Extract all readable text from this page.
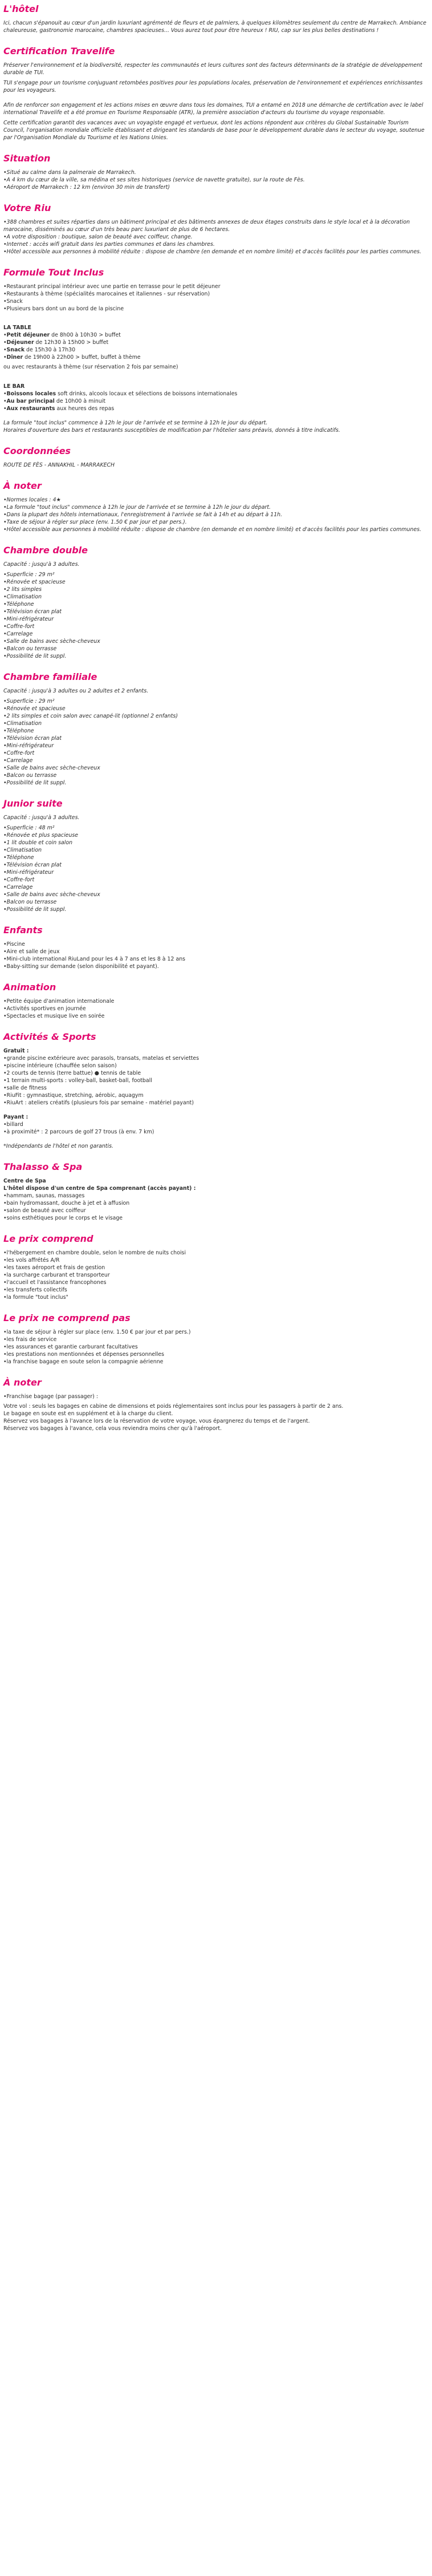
L'hôtel

Ici, chacun s'épanouit au cœur d'un jardin luxuriant agrémenté de fleurs et de palmiers, à quelques kilomètres seulement du centre de Marrakech. Ambiance chaleureuse, gastronomie marocaine, chambres spacieuses... Vous aurez tout pour être heureux ! RIU, cap sur les plus belles destinations !

Certification Travelife

Préserver l'environnement et la biodiversité, respecter les communautés et leurs cultures sont des facteurs déterminants de la stratégie de développement durable de TUI.

TUI s'engage pour un tourisme conjuguant retombées positives pour les populations locales, préservation de l'environnement et expériences enrichissantes pour les voyageurs.

Afin de renforcer son engagement et les actions mises en œuvre dans tous les domaines, TUI a entamé en 2018 une démarche de certification avec le label international Travelife et a été promue en Tourisme Responsable (ATR), la première association d'acteurs du tourisme du voyage responsable.

Cette certification garantit des vacances avec un voyagiste engagé et vertueux, dont les actions répondent aux critères du Global Sustainable Tourism Council, l'organisation mondiale officielle établissant et dirigeant les standards de base pour le développement durable dans le secteur du voyage, soutenue par l'Organisation Mondiale du Tourisme et les Nations Unies.

Situation
• Situé au calme dans la palmeraie de Marrakech.
• A 4 km du cœur de la ville, sa médina et ses sites historiques (service de navette gratuite), sur la route de Fès.
• Aéroport de Marrakech : 12 km (environ 30 min de transfert)
Votre Riu
• 388 chambres et suites réparties dans un bâtiment principal et des bâtiments annexes de deux étages construits dans le style local et à la décoration marocaine, disséminés au cœur d'un très beau parc luxuriant de plus de 6 hectares.
• A votre disposition : boutique, salon de beauté avec coiffeur, change.
• Internet : accès wifi gratuit dans les parties communes et dans les chambres.
• Hôtel accessible aux personnes à mobilité réduite : dispose de chambre (en demande et en nombre limité) et d'accès facilités pour les parties communes.
Formule Tout Inclus
• Restaurant principal intérieur avec une partie en terrasse pour le petit déjeuner
• Restaurants à thème (spécialités marocaines et italiennes - sur réservation)
• Snack
• Plusieurs bars dont un au bord de la piscine

LA TABLE

• Petit déjeuner de 8h00 à 10h30 > buffet
• Déjeuner de 12h30 à 15h00 > buffet
• Snack de 15h30 à 17h30
• Dîner de 19h00 à 22h00 > buffet, buffet à thème

ou avec restaurants à thème (sur réservation 2 fois par semaine)

LE BAR

• Boissons locales soft drinks, alcools locaux et sélections de boissons internationales
• Au bar principal de 10h00 à minuit
• Aux restaurants aux heures des repas

La formule "tout inclus" commence à 12h le jour de l'arrivée et se termine à 12h le jour du départ.

Horaires d'ouverture des bars et restaurants susceptibles de modification par l'hôtelier sans préavis, donnés à titre indicatifs.

Coordonnées

ROUTE DE FÈS - ANNAKHIL - MARRAKECH

À noter
• Normes locales : 4★
• La formule "tout inclus" commence à 12h le jour de l'arrivée et se termine à 12h le jour du départ.
• Dans la plupart des hôtels internationaux, l'enregistrement à l'arrivée se fait à 14h et au départ à 11h.
• Taxe de séjour à régler sur place (env. 1.50 € par jour et par pers.).
• Hôtel accessible aux personnes à mobilité réduite : dispose de chambre (en demande et en nombre limité) et d'accès facilités pour les parties communes.
Chambre double

Capacité : jusqu'à 3 adultes.

• Superficie : 29 m²
• Rénovée et spacieuse
• 2 lits simples
• Climatisation
• Téléphone
• Télévision écran plat
• Mini-réfrigérateur
• Coffre-fort
• Carrelage
• Salle de bains avec sèche-cheveux
• Balcon ou terrasse
• Possibilité de lit suppl.
Chambre familiale

Capacité : jusqu'à 3 adultes ou 2 adultes et 2 enfants.

• Superficie : 29 m²
• Rénovée et spacieuse
• 2 lits simples et coin salon avec canapé-lit (optionnel 2 enfants)
• Climatisation
• Téléphone
• Télévision écran plat
• Mini-réfrigérateur
• Coffre-fort
• Carrelage
• Salle de bains avec sèche-cheveux
• Balcon ou terrasse
• Possibilité de lit suppl.
Junior suite

Capacité : jusqu'à 3 adultes.

• Superficie : 48 m²
• Rénovée et plus spacieuse
• 1 lit double et coin salon
• Climatisation
• Téléphone
• Télévision écran plat
• Mini-réfrigérateur
• Coffre-fort
• Carrelage
• Salle de bains avec sèche-cheveux
• Balcon ou terrasse
• Possibilité de lit suppl.
Enfants
• Piscine
• Aire et salle de jeux
• Mini-club international RiuLand pour les 4 à 7 ans et les 8 à 12 ans
• Baby-sitting sur demande (selon disponibilité et payant).
Animation
• Petite équipe d'animation internationale
• Activités sportives en journée
• Spectacles et musique live en soirée
Activités & Sports

Gratuit :

• grande piscine extérieure avec parasols, transats, matelas et serviettes
• piscine intérieure (chauffée selon saison)
• 2 courts de tennis (terre battue) ● tennis de table
• 1 terrain multi-sports : volley-ball, basket-ball, football
• salle de fitness
• RiuFit : gymnastique, stretching, aérobic, aquagym
• RiuArt : ateliers créatifs (plusieurs fois par semaine - matériel payant)

Payant :

• billard
• à proximité* : 2 parcours de golf 27 trous (à env. 7 km)

*Indépendants de l'hôtel et non garantis.

Thalasso & Spa

Centre de Spa

L'hôtel dispose d'un centre de Spa comprenant (accès payant) :

• hammam, saunas, massages
• bain hydromassant, douche à jet et à affusion
• salon de beauté avec coiffeur
• soins esthétiques pour le corps et le visage
Le prix comprend
• l'hébergement en chambre double, selon le nombre de nuits choisi
• les vols affrétés A/R
• les taxes aéroport et frais de gestion
• la surcharge carburant et transporteur
• l'accueil et l'assistance francophones
• les transferts collectifs
• la formule "tout inclus"
Le prix ne comprend pas
• la taxe de séjour à régler sur place (env. 1.50 € par jour et par pers.)
• les frais de service
• les assurances et garantie carburant facultatives
• les prestations non mentionnées et dépenses personnelles
• la franchise bagage en soute selon la compagnie aérienne
À noter
• Franchise bagage (par passager) :

Votre vol : seuls les bagages en cabine de dimensions et poids réglementaires sont inclus pour les passagers à partir de 2 ans.

Le bagage en soute est en supplément et à la charge du client.

Réservez vos bagages à l'avance lors de la réservation de votre voyage, vous épargnerez du temps et de l'argent.

Réservez vos bagages à l'avance, cela vous reviendra moins cher qu'à l'aéroport.
